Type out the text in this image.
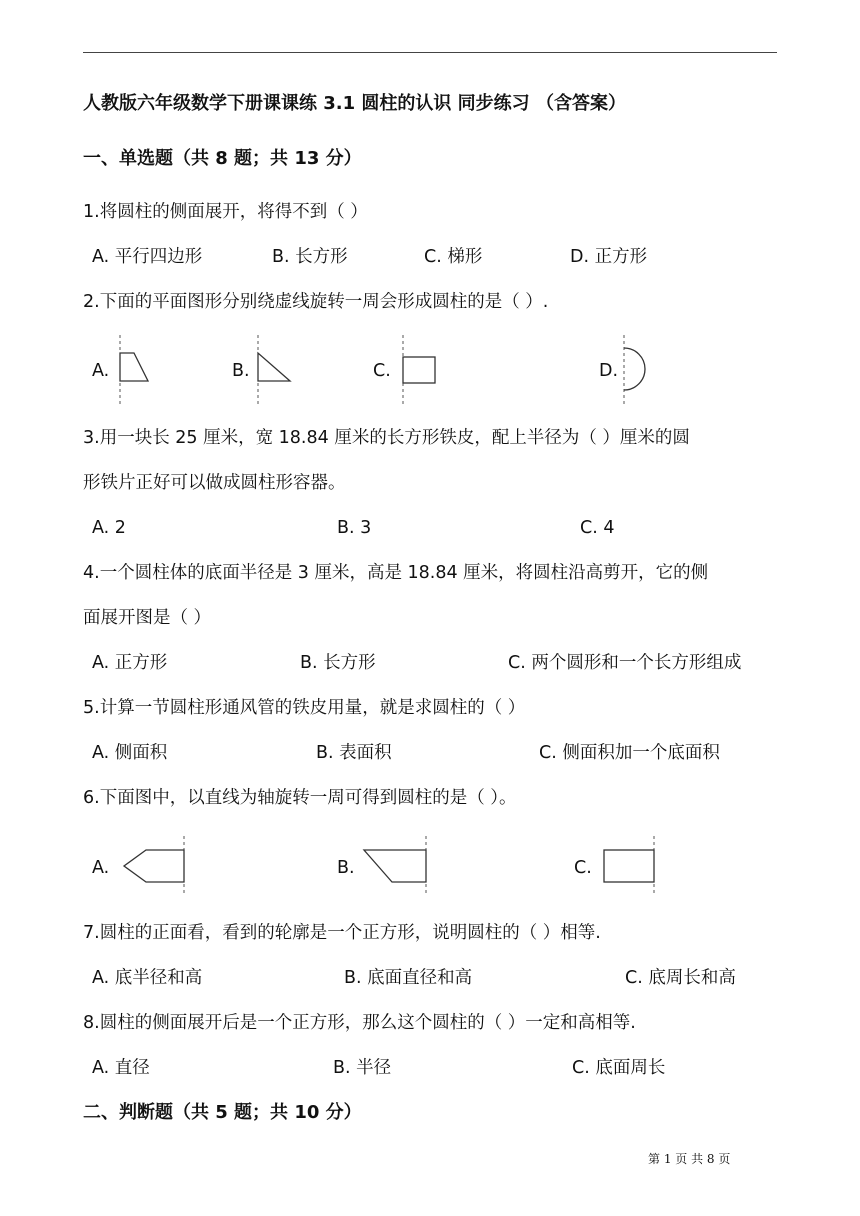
人教版六年级数学下册课课练 3.1 圆柱的认识 同步练习 （含答案）
一、单选题（共 8 题；共 13 分）
1.将圆柱的侧面展开，将得不到（ ）
A. 平行四边形	B. 长方形	C. 梯形	D. 正方形
2.下面的平面图形分别绕虚线旋转一周会形成圆柱的是（ ）.
A.	B.	C.	D.
3.用一块长 25 厘米，宽 18.84 厘米的长方形铁皮，配上半径为（ ）厘米的圆
形铁片正好可以做成圆柱形容器。
A. 2	B. 3	C. 4
4.一个圆柱体的底面半径是 3 厘米，高是 18.84 厘米，将圆柱沿高剪开，它的侧
面展开图是（ ）
A. 正方形	B. 长方形	C. 两个圆形和一个长方形组成
5.计算一节圆柱形通风管的铁皮用量，就是求圆柱的（ ）
A. 侧面积	B. 表面积	C. 侧面积加一个底面积
6.下面图中，以直线为轴旋转一周可得到圆柱的是（ ）。
A.	B.	C.
7.圆柱的正面看，看到的轮廓是一个正方形，说明圆柱的（ ）相等.
A. 底半径和高	B. 底面直径和高	C. 底周长和高
8.圆柱的侧面展开后是一个正方形，那么这个圆柱的（ ）一定和高相等.
A. 直径	B. 半径	C. 底面周长
二、判断题（共 5 题；共 10 分）
第 1 页 共 8 页
